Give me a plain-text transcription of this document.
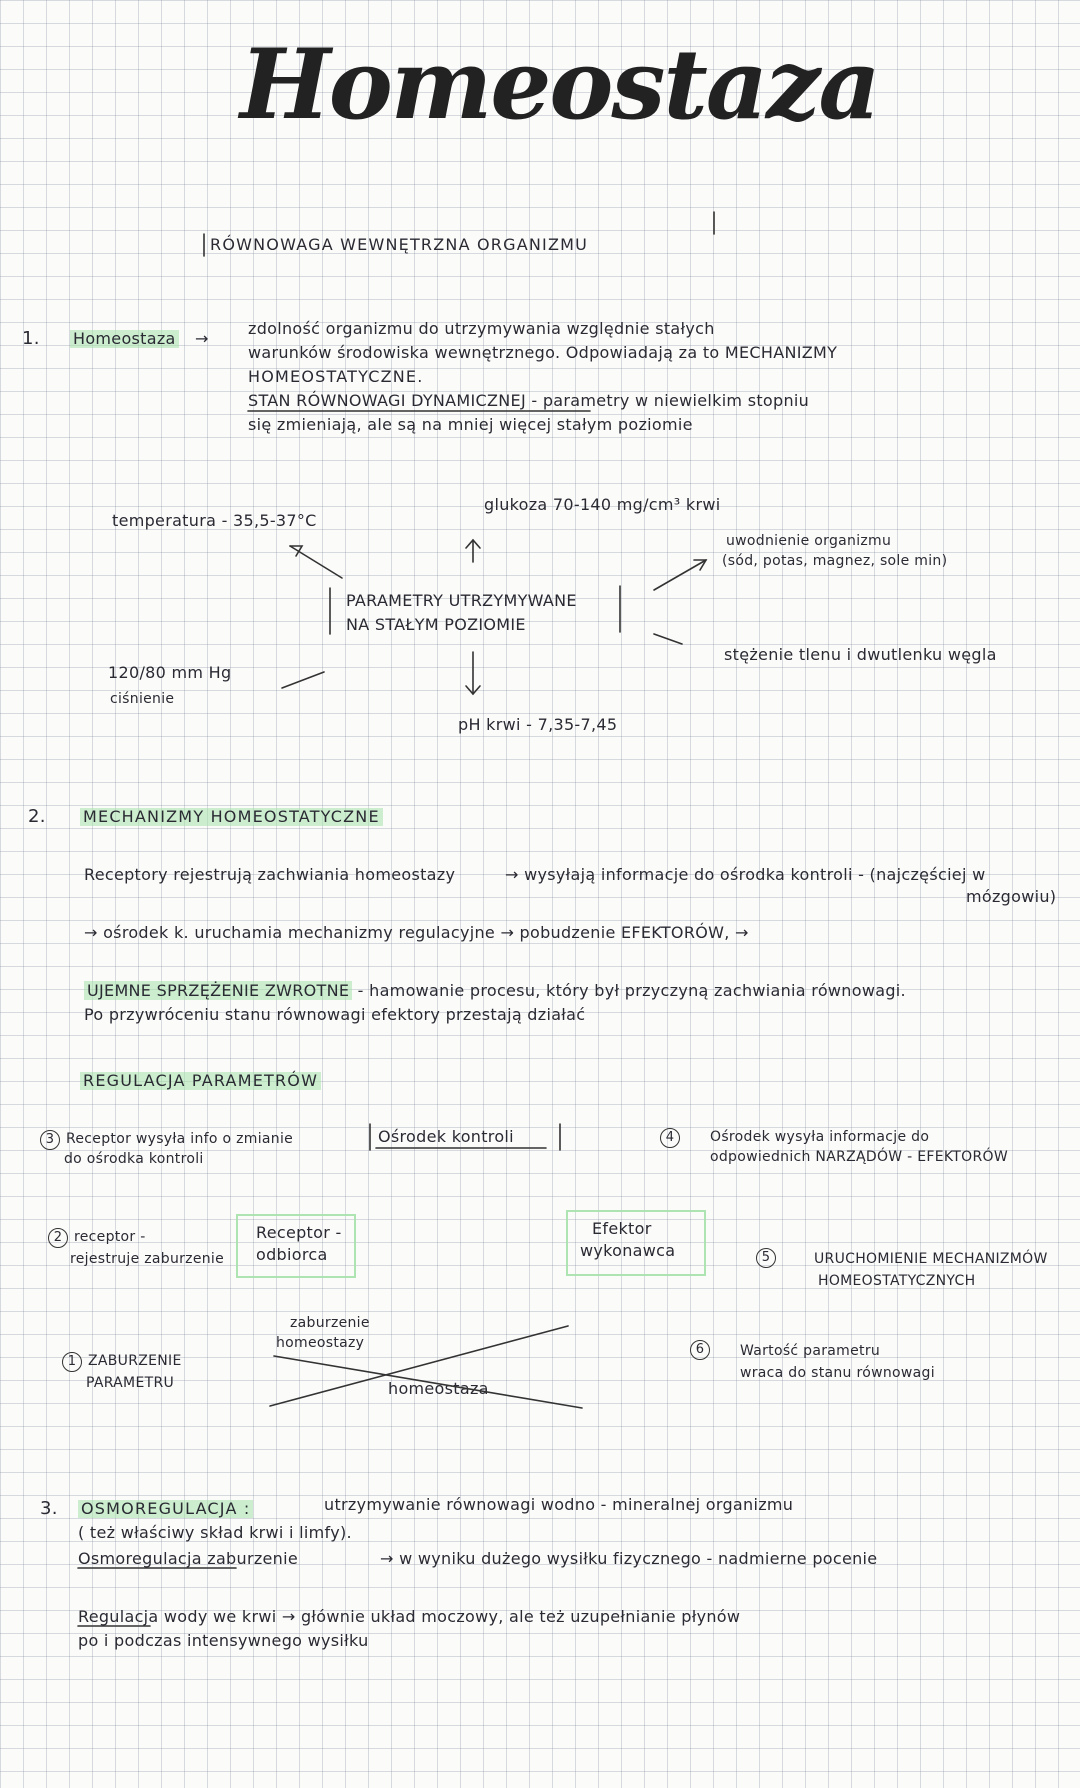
Homeostaza
RÓWNOWAGA WEWNĘTRZNA ORGANIZMU
1. Homeostaza →
zdolność organizmu do utrzymywania względnie stałych
warunków środowiska wewnętrznego. Odpowiadają za to MECHANIZMY
HOMEOSTATYCZNE.
STAN RÓWNOWAGI DYNAMICZNEJ - parametry w niewielkim stopniu
się zmieniają, ale są na mniej więcej stałym poziomie
temperatura - 35,5-37°C
glukoza 70-140 mg/cm³ krwi
uwodnienie organizmu
(sód, potas, magnez, sole min)
PARAMETRY UTRZYMYWANE
NA STAŁYM POZIOMIE
120/80 mm Hg
ciśnienie
stężenie tlenu i dwutlenku węgla
pH krwi - 7,35-7,45
2. MECHANIZMY HOMEOSTATYCZNE
Receptory rejestrują zachwiania homeostazy	→ wysyłają informacje do ośrodka kontroli - (najczęściej w
mózgowiu)
→ ośrodek k. uruchamia mechanizmy regulacyjne → pobudzenie EFEKTORÓW, →
UJEMNE SPRZĘŻENIE ZWROTNE - hamowanie procesu, który był przyczyną zachwiania równowagi.
Po przywróceniu stanu równowagi efektory przestają działać
REGULACJA PARAMETRÓW
3 Receptor wysyła info o zmianie
do ośrodka kontroli
Ośrodek kontroli	4	Ośrodek wysyła informacje do
odpowiednich NARZĄDÓW - EFEKTORÓW
2 receptor -
rejestruje zaburzenie
Receptor -
odbiorca
Efektor
wykonawca	5	URUCHOMIENIE MECHANIZMÓW
HOMEOSTATYCZNYCH
zaburzenie
homeostazy
1 ZABURZENIE
PARAMETRU	homeostaza
6	Wartość parametru
wraca do stanu równowagi
3. OSMOREGULACJA :	utrzymywanie równowagi wodno - mineralnej organizmu
( też właściwy skład krwi i limfy).
Osmoregulacja zaburzenie	→ w wyniku dużego wysiłku fizycznego - nadmierne pocenie
Regulacja wody we krwi → głównie układ moczowy, ale też uzupełnianie płynów
po i podczas intensywnego wysiłku
